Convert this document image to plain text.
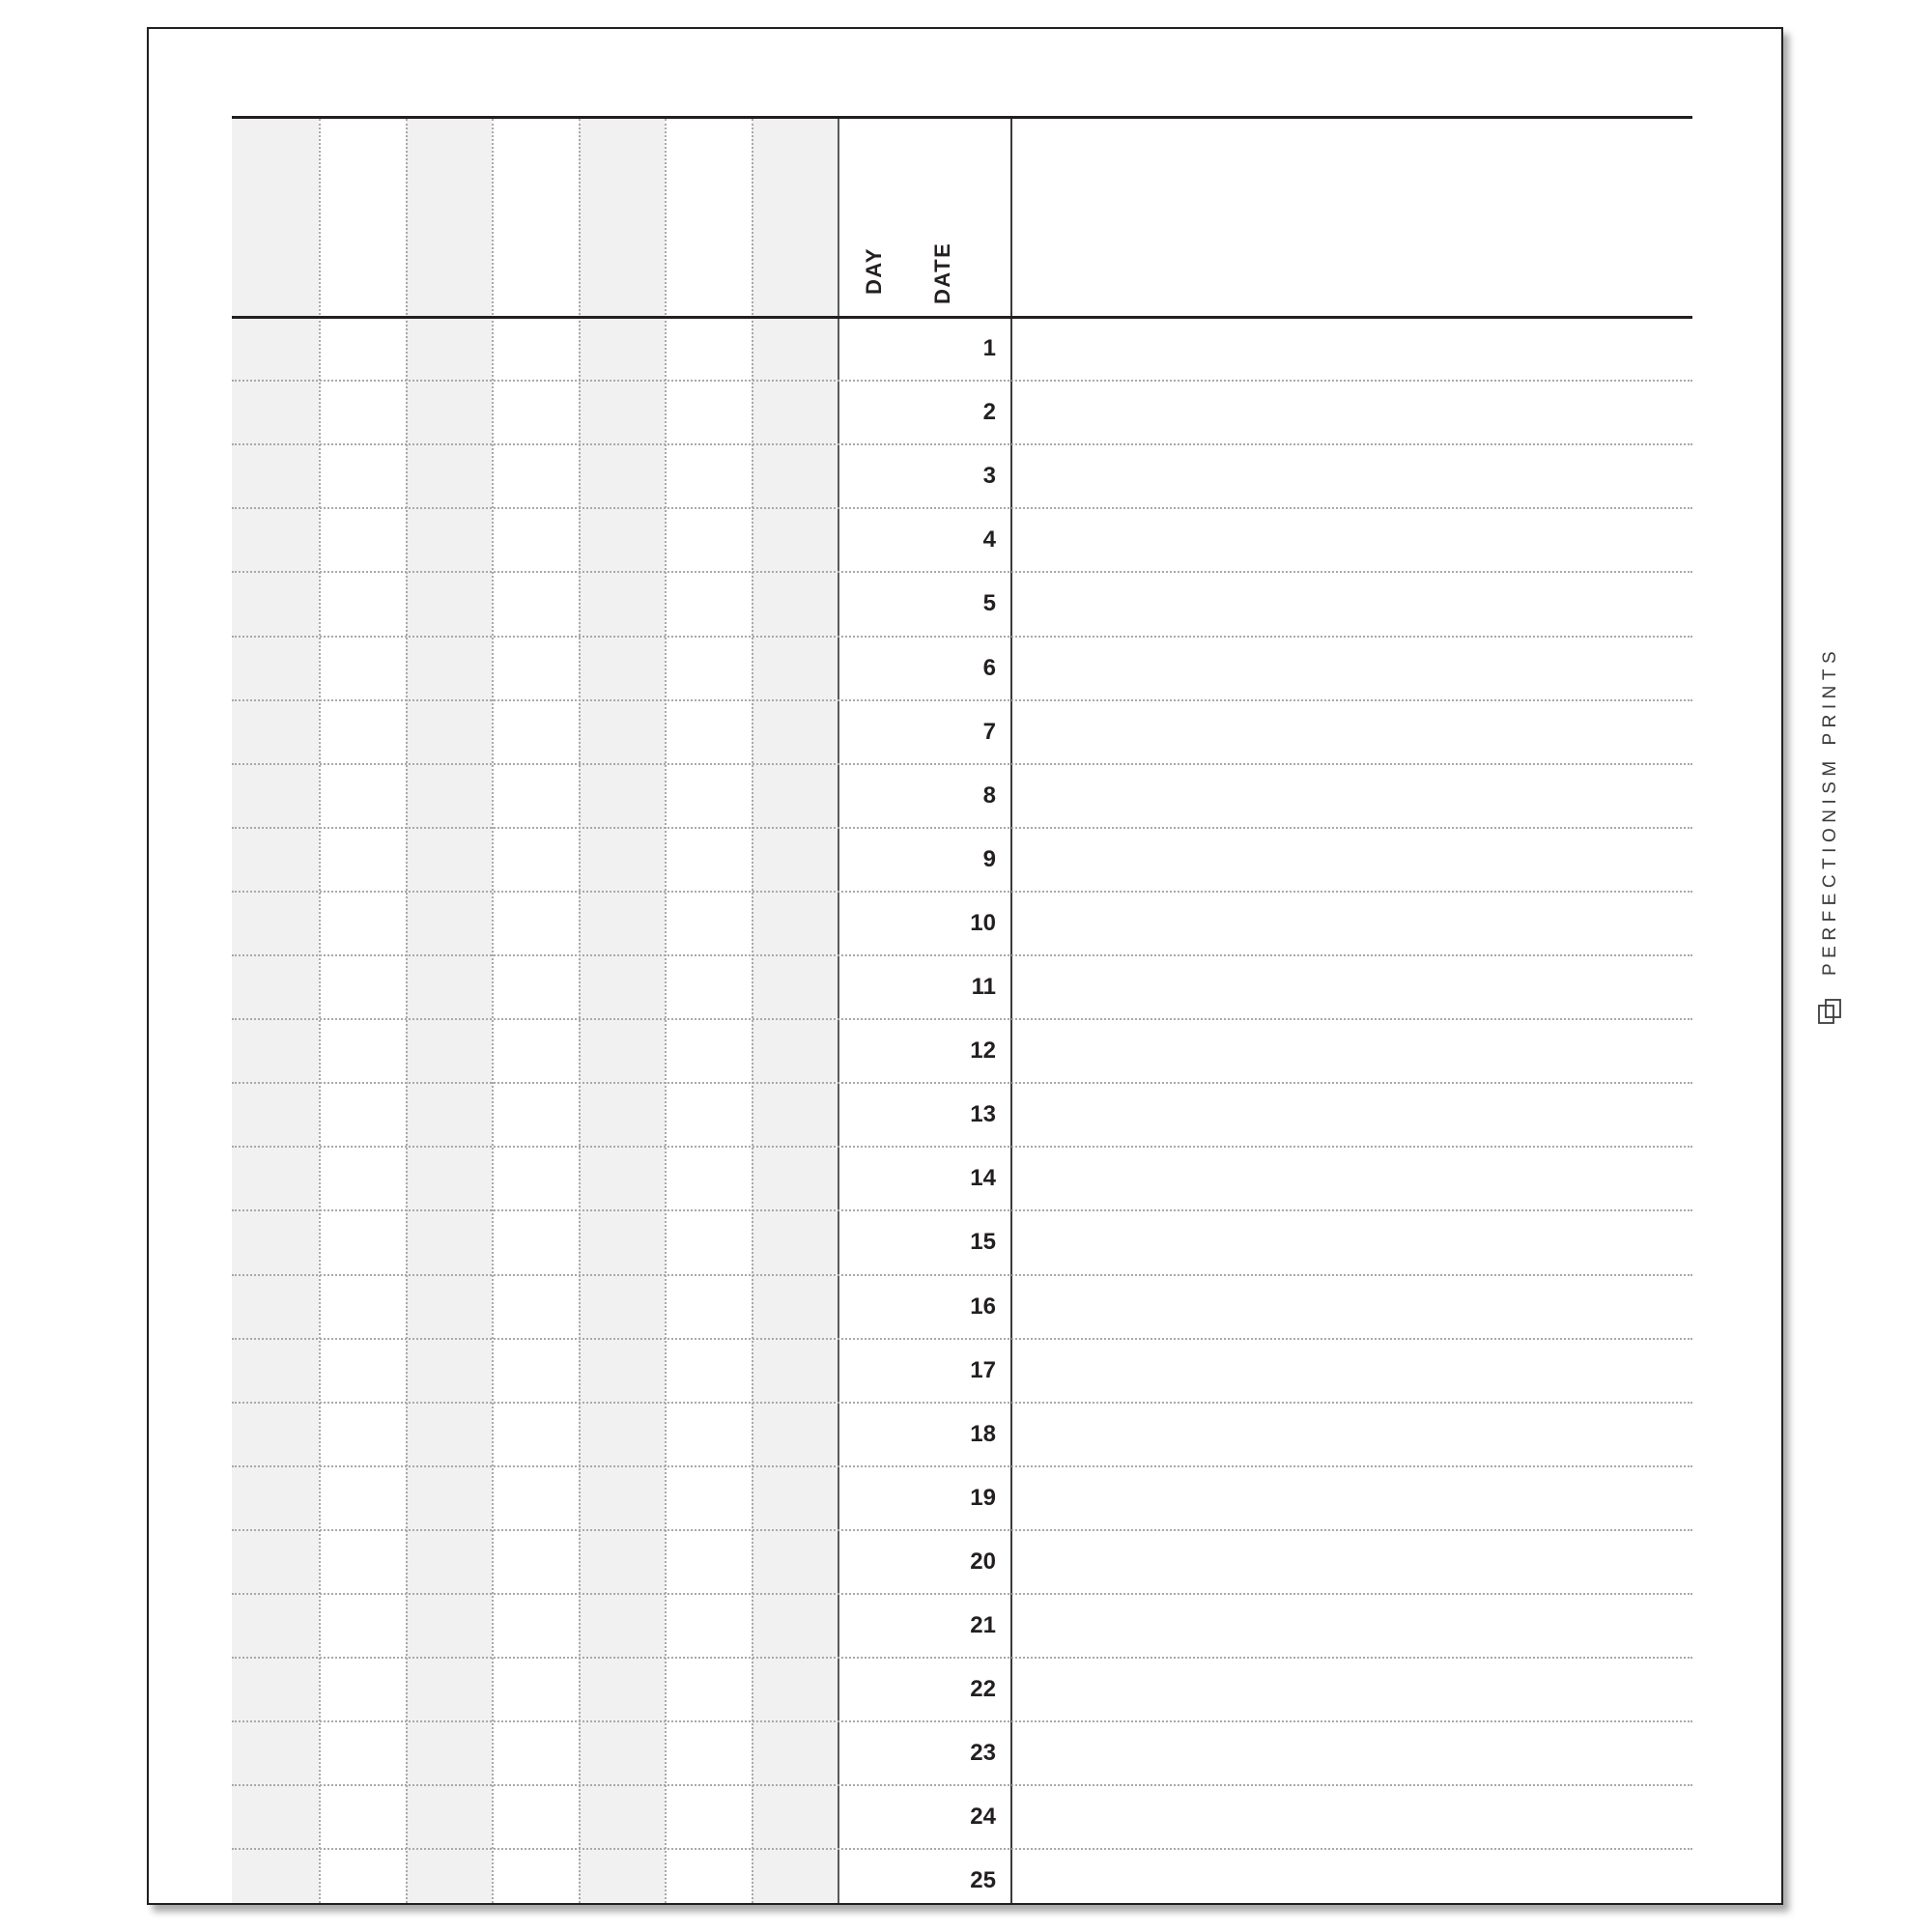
DAY DATE
1
2
3
4
5
6
7
8
9
10
11
12
13
14
15
16
17
18
19
20
21
22
23
24
25
PERFECTIONISM PRINTS
